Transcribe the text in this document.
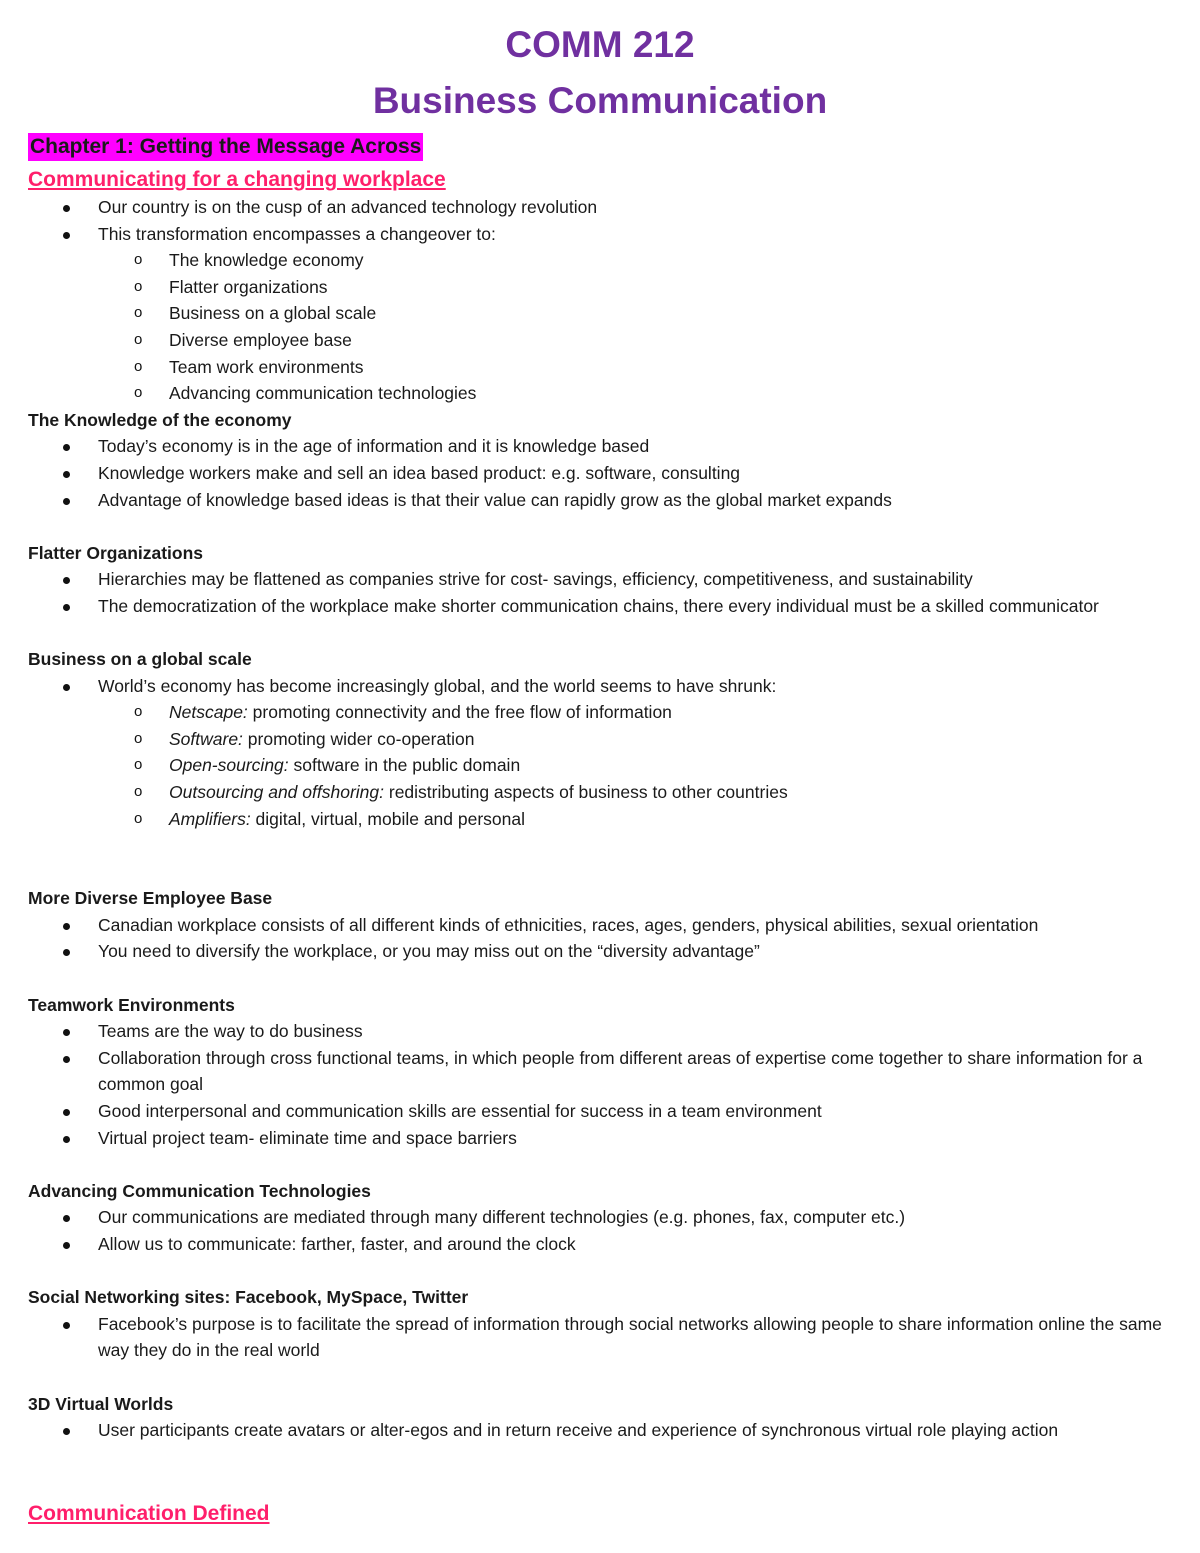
COMM 212
Business Communication
Chapter 1: Getting the Message Across
Communicating for a changing workplace
Our country is on the cusp of an advanced technology revolution
This transformation encompasses a changeover to:
o The knowledge economy
o Flatter organizations
o Business on a global scale
o Diverse employee base
o Team work environments
o Advancing communication technologies

The Knowledge of the economy

Today’s economy is in the age of information and it is knowledge based
Knowledge workers make and sell an idea based product: e.g. software, consulting
Advantage of knowledge based ideas is that their value can rapidly grow as the global market expands

Flatter Organizations

Hierarchies may be flattened as companies strive for cost- savings, efficiency, competitiveness, and sustainability
The democratization of the workplace make shorter communication chains, there every individual must be a skilled communicator

Business on a global scale

World’s economy has become increasingly global, and the world seems to have shrunk:
o Netscape: promoting connectivity and the free flow of information
o Software: promoting wider co-operation
o Open-sourcing: software in the public domain
o Outsourcing and offshoring: redistributing aspects of business to other countries
o Amplifiers: digital, virtual, mobile and personal

More Diverse Employee Base

Canadian workplace consists of all different kinds of ethnicities, races, ages, genders, physical abilities, sexual orientation
You need to diversify the workplace, or you may miss out on the “diversity advantage”

Teamwork Environments

Teams are the way to do business
Collaboration through cross functional teams, in which people from different areas of expertise come together to share information for a common goal
Good interpersonal and communication skills are essential for success in a team environment
Virtual project team- eliminate time and space barriers

Advancing Communication Technologies

Our communications are mediated through many different technologies (e.g. phones, fax, computer etc.)
Allow us to communicate: farther, faster, and around the clock

Social Networking sites: Facebook, MySpace, Twitter

Facebook’s purpose is to facilitate the spread of information through social networks allowing people to share information online the same way they do in the real world

3D Virtual Worlds

User participants create avatars or alter-egos and in return receive and experience of synchronous virtual role playing action
Communication Defined
